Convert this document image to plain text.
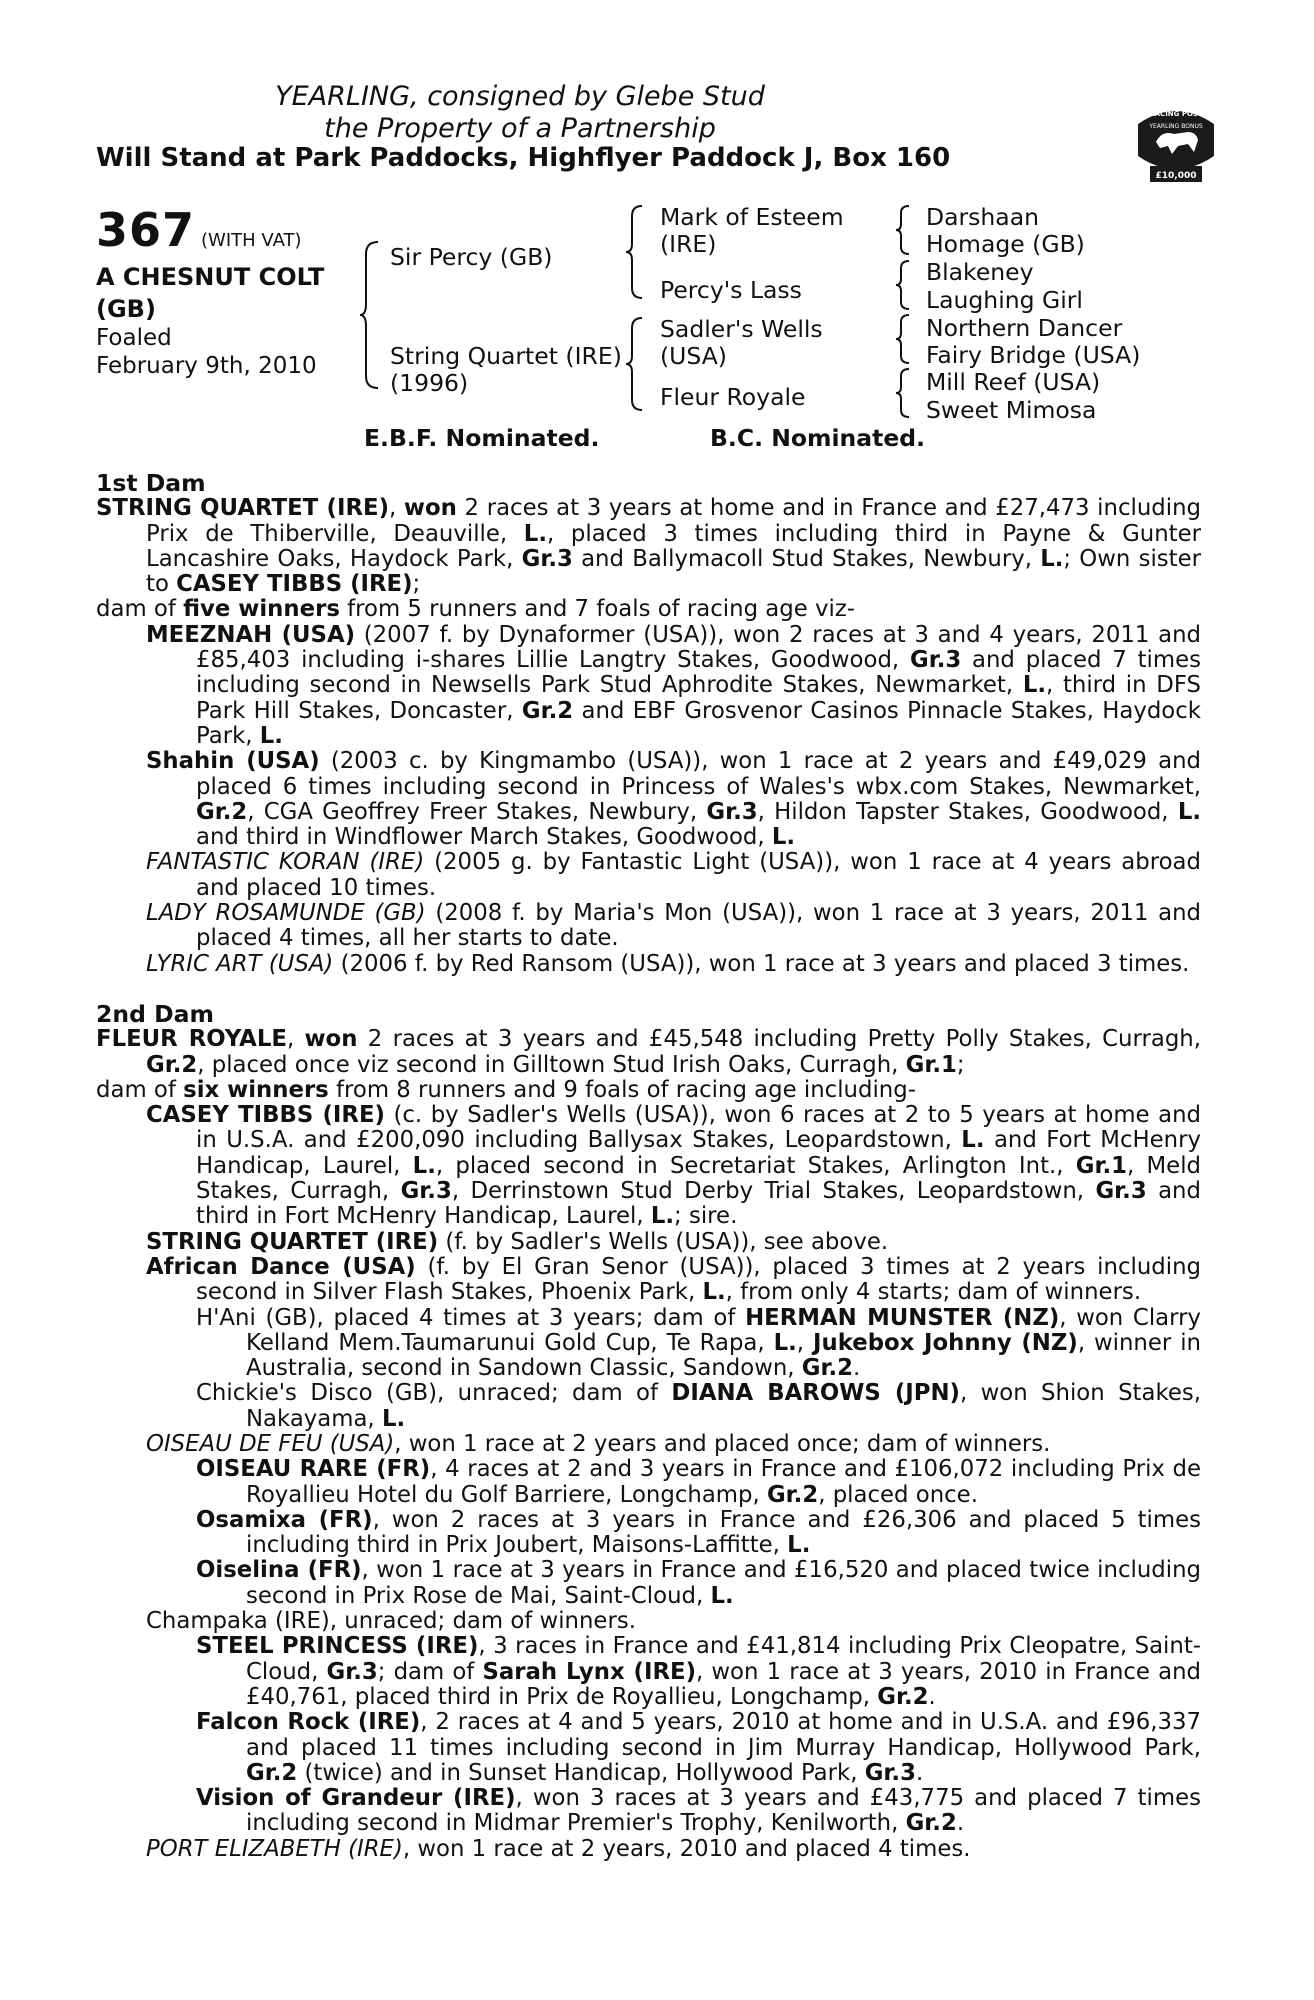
YEARLING, consigned by Glebe Stud
the Property of a Partnership
Will Stand at Park Paddocks, Highflyer Paddock J, Box 160
RACING POST
YEARLING BONUS
£10,000
367 (WITH VAT)
A CHESNUT COLT
(GB)
Foaled
February 9th, 2010
Sir Percy (GB)
String Quartet (IRE)
(1996)
Mark of Esteem
(IRE)
Percy's Lass
Sadler's Wells
(USA)
Fleur Royale
Darshaan
Homage (GB)
Blakeney
Laughing Girl
Northern Dancer
Fairy Bridge (USA)
Mill Reef (USA)
Sweet Mimosa
E.B.F. Nominated.	B.C. Nominated.
1st Dam

STRING QUARTET (IRE), won 2 races at 3 years at home and in France and £27,473 including Prix de Thiberville, Deauville, L., placed 3 times including third in Payne & Gunter Lancashire Oaks, Haydock Park, Gr.3 and Ballymacoll Stud Stakes, Newbury, L.; Own sister to CASEY TIBBS (IRE);

dam of five winners from 5 runners and 7 foals of racing age viz-

MEEZNAH (USA) (2007 f. by Dynaformer (USA)), won 2 races at 3 and 4 years, 2011 and £85,403 including i-shares Lillie Langtry Stakes, Goodwood, Gr.3 and placed 7 times including second in Newsells Park Stud Aphrodite Stakes, Newmarket, L., third in DFS Park Hill Stakes, Doncaster, Gr.2 and EBF Grosvenor Casinos Pinnacle Stakes, Haydock Park, L.

Shahin (USA) (2003 c. by Kingmambo (USA)), won 1 race at 2 years and £49,029 and placed 6 times including second in Princess of Wales's wbx.com Stakes, Newmarket, Gr.2, CGA Geoffrey Freer Stakes, Newbury, Gr.3, Hildon Tapster Stakes, Goodwood, L. and third in Windflower March Stakes, Goodwood, L.

FANTASTIC KORAN (IRE) (2005 g. by Fantastic Light (USA)), won 1 race at 4 years abroad and placed 10 times.

LADY ROSAMUNDE (GB) (2008 f. by Maria's Mon (USA)), won 1 race at 3 years, 2011 and placed 4 times, all her starts to date.

LYRIC ART (USA) (2006 f. by Red Ransom (USA)), won 1 race at 3 years and placed 3 times.

2nd Dam

FLEUR ROYALE, won 2 races at 3 years and £45,548 including Pretty Polly Stakes, Curragh, Gr.2, placed once viz second in Gilltown Stud Irish Oaks, Curragh, Gr.1;

dam of six winners from 8 runners and 9 foals of racing age including-

CASEY TIBBS (IRE) (c. by Sadler's Wells (USA)), won 6 races at 2 to 5 years at home and in U.S.A. and £200,090 including Ballysax Stakes, Leopardstown, L. and Fort McHenry Handicap, Laurel, L., placed second in Secretariat Stakes, Arlington Int., Gr.1, Meld Stakes, Curragh, Gr.3, Derrinstown Stud Derby Trial Stakes, Leopardstown, Gr.3 and third in Fort McHenry Handicap, Laurel, L.; sire.

STRING QUARTET (IRE) (f. by Sadler's Wells (USA)), see above.

African Dance (USA) (f. by El Gran Senor (USA)), placed 3 times at 2 years including second in Silver Flash Stakes, Phoenix Park, L., from only 4 starts; dam of winners.

H'Ani (GB), placed 4 times at 3 years; dam of HERMAN MUNSTER (NZ), won Clarry Kelland Mem.Taumarunui Gold Cup, Te Rapa, L., Jukebox Johnny (NZ), winner in Australia, second in Sandown Classic, Sandown, Gr.2.

Chickie's Disco (GB), unraced; dam of DIANA BAROWS (JPN), won Shion Stakes, Nakayama, L.

OISEAU DE FEU (USA), won 1 race at 2 years and placed once; dam of winners.

OISEAU RARE (FR), 4 races at 2 and 3 years in France and £106,072 including Prix de Royallieu Hotel du Golf Barriere, Longchamp, Gr.2, placed once.

Osamixa (FR), won 2 races at 3 years in France and £26,306 and placed 5 times including third in Prix Joubert, Maisons-Laffitte, L.

Oiselina (FR), won 1 race at 3 years in France and £16,520 and placed twice including second in Prix Rose de Mai, Saint-Cloud, L.

Champaka (IRE), unraced; dam of winners.

STEEL PRINCESS (IRE), 3 races in France and £41,814 including Prix Cleopatre, Saint-Cloud, Gr.3; dam of Sarah Lynx (IRE), won 1 race at 3 years, 2010 in France and £40,761, placed third in Prix de Royallieu, Longchamp, Gr.2.

Falcon Rock (IRE), 2 races at 4 and 5 years, 2010 at home and in U.S.A. and £96,337 and placed 11 times including second in Jim Murray Handicap, Hollywood Park, Gr.2 (twice) and in Sunset Handicap, Hollywood Park, Gr.3.

Vision of Grandeur (IRE), won 3 races at 3 years and £43,775 and placed 7 times including second in Midmar Premier's Trophy, Kenilworth, Gr.2.

PORT ELIZABETH (IRE), won 1 race at 2 years, 2010 and placed 4 times.
